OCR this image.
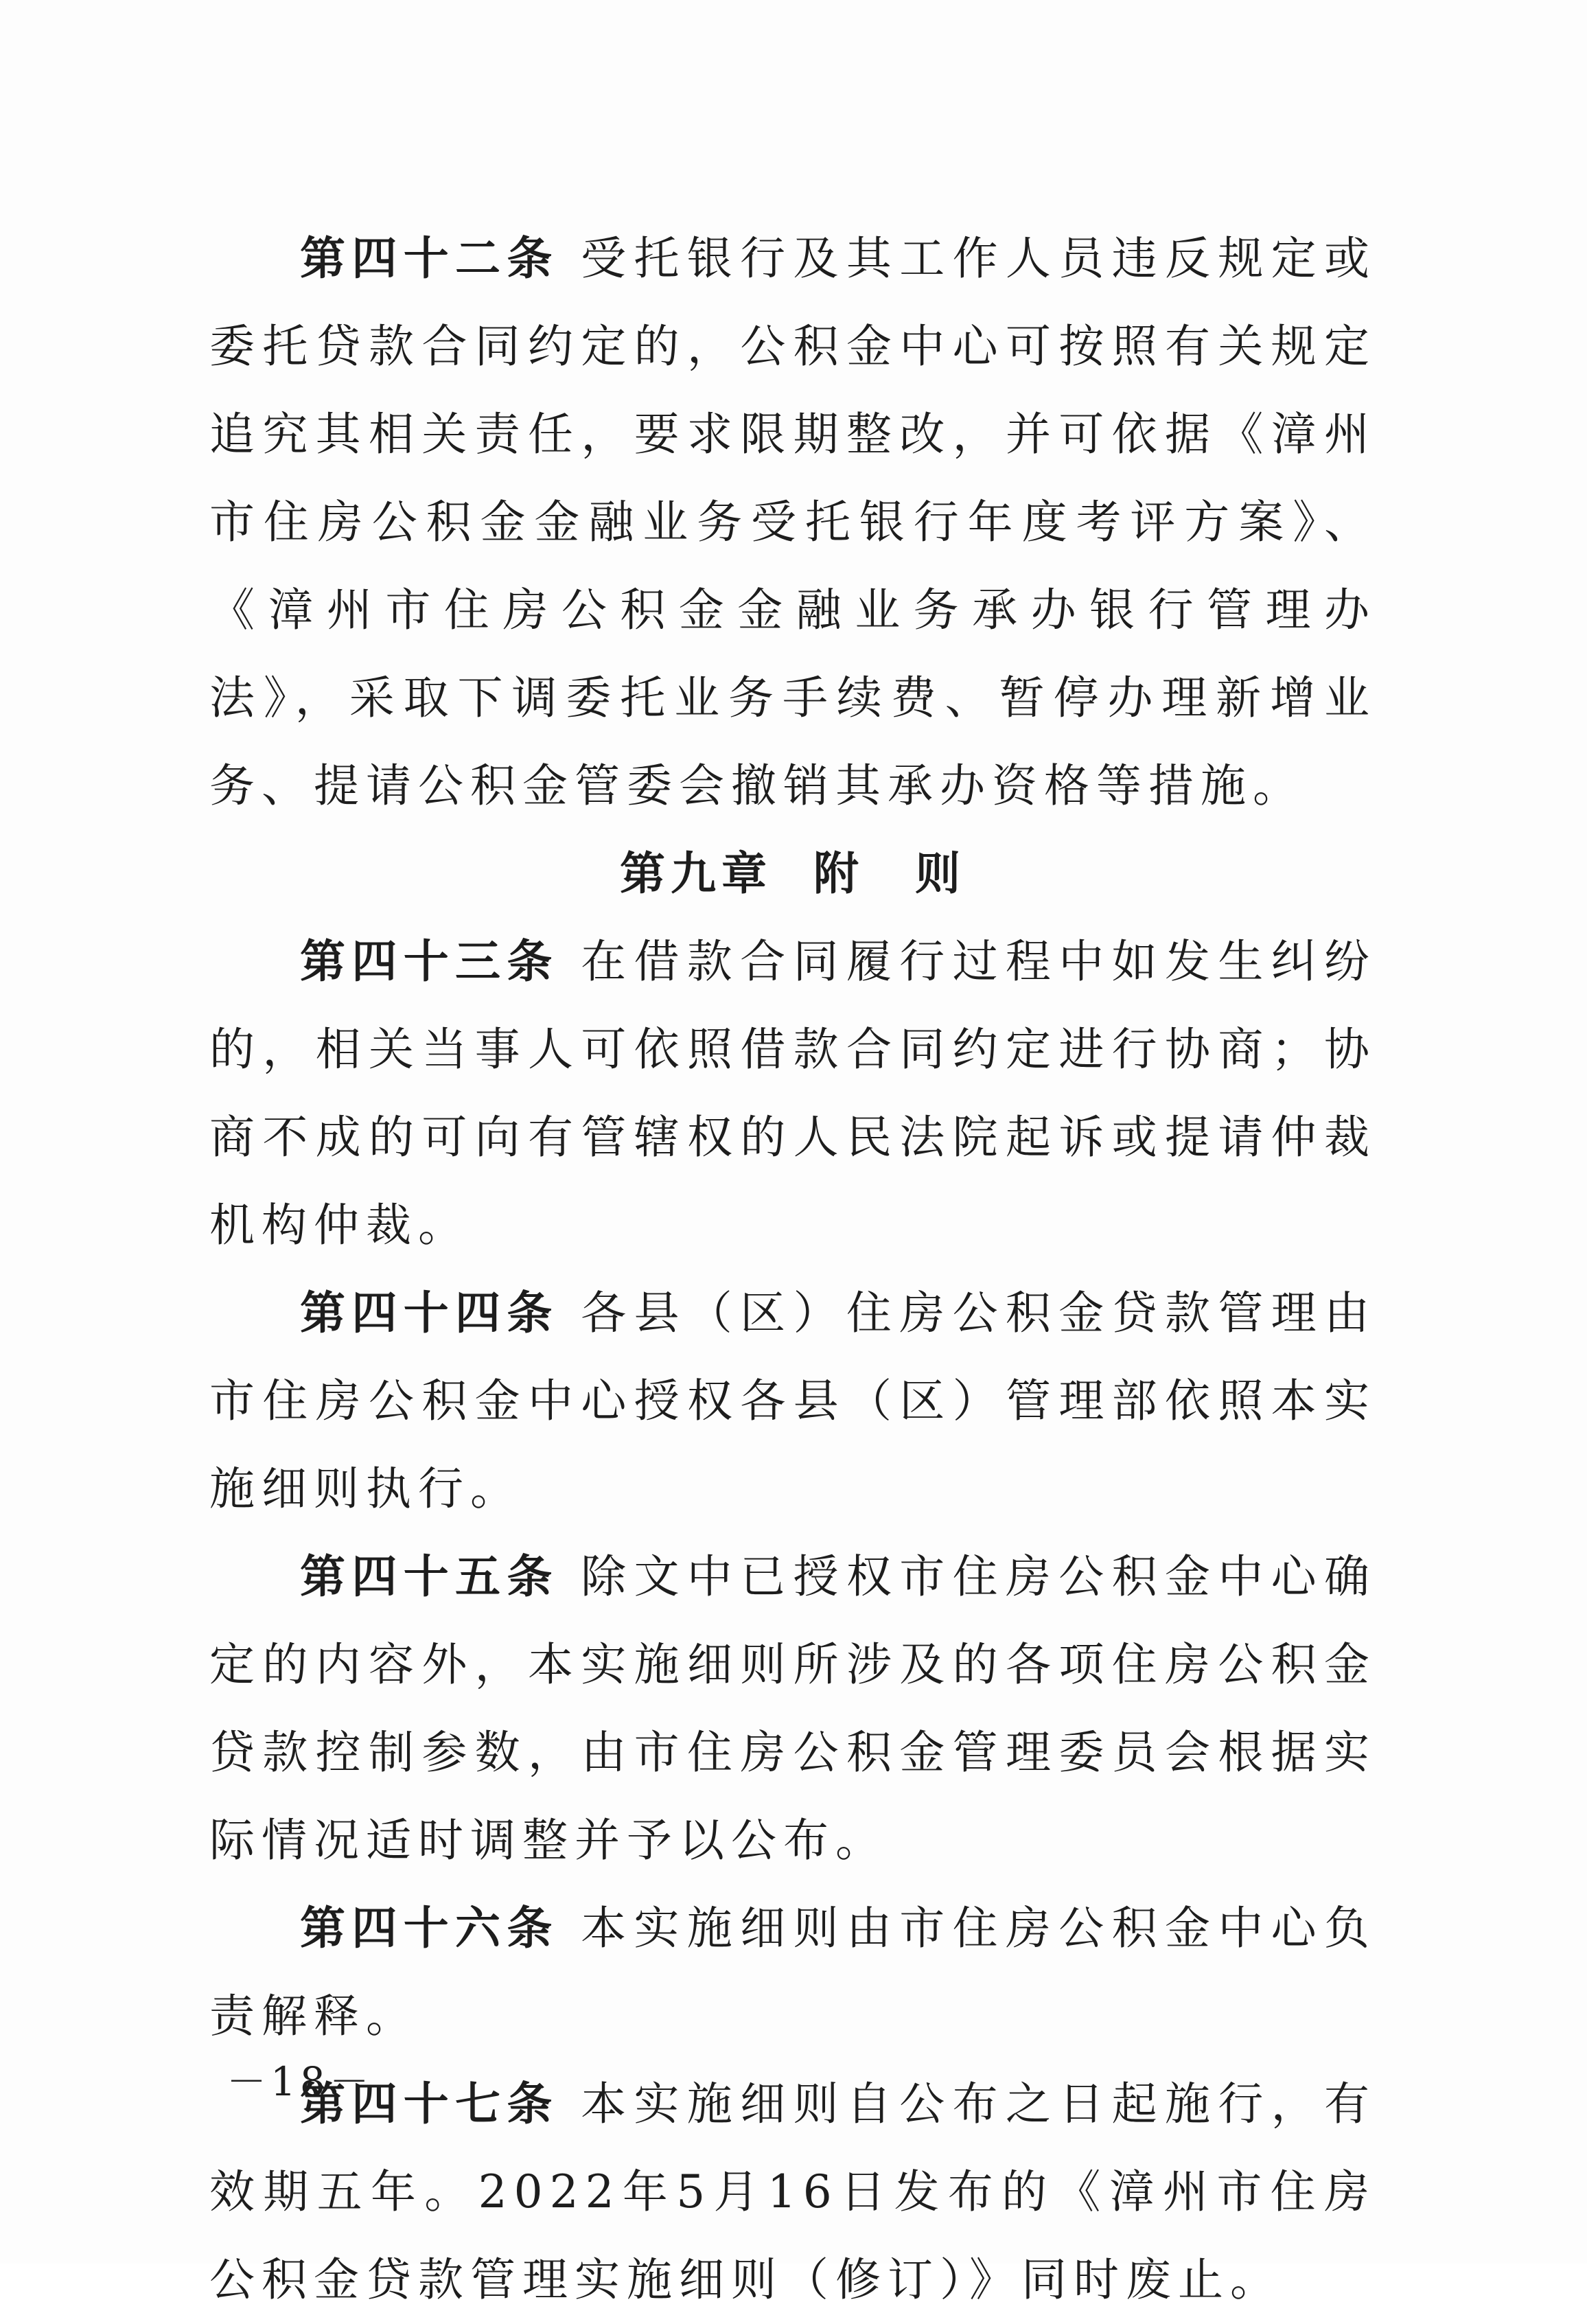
第四十二条 受托银行及其工作人员违反规定或委托贷款合同约定的，公积金中心可按照有关规定追究其相关责任，要求限期整改，并可依据《漳州市住房公积金金融业务受托银行年度考评方案》、《漳州市住房公积金金融业务承办银行管理办法》，采取下调委托业务手续费、暂停办理新增业务、提请公积金管委会撤销其承办资格等措施。

第九章 附　则

第四十三条 在借款合同履行过程中如发生纠纷的，相关当事人可依照借款合同约定进行协商；协商不成的可向有管辖权的人民法院起诉或提请仲裁机构仲裁。

第四十四条 各县（区）住房公积金贷款管理由市住房公积金中心授权各县（区）管理部依照本实施细则执行。

第四十五条 除文中已授权市住房公积金中心确定的内容外，本实施细则所涉及的各项住房公积金贷款控制参数，由市住房公积金管理委员会根据实际情况适时调整并予以公布。

第四十六条 本实施细则由市住房公积金中心负责解释。

第四十七条 本实施细则自公布之日起施行，有效期五年。2022年5月16日发布的《漳州市住房公积金贷款管理实施细则（修订）》同时废止。

－18－
